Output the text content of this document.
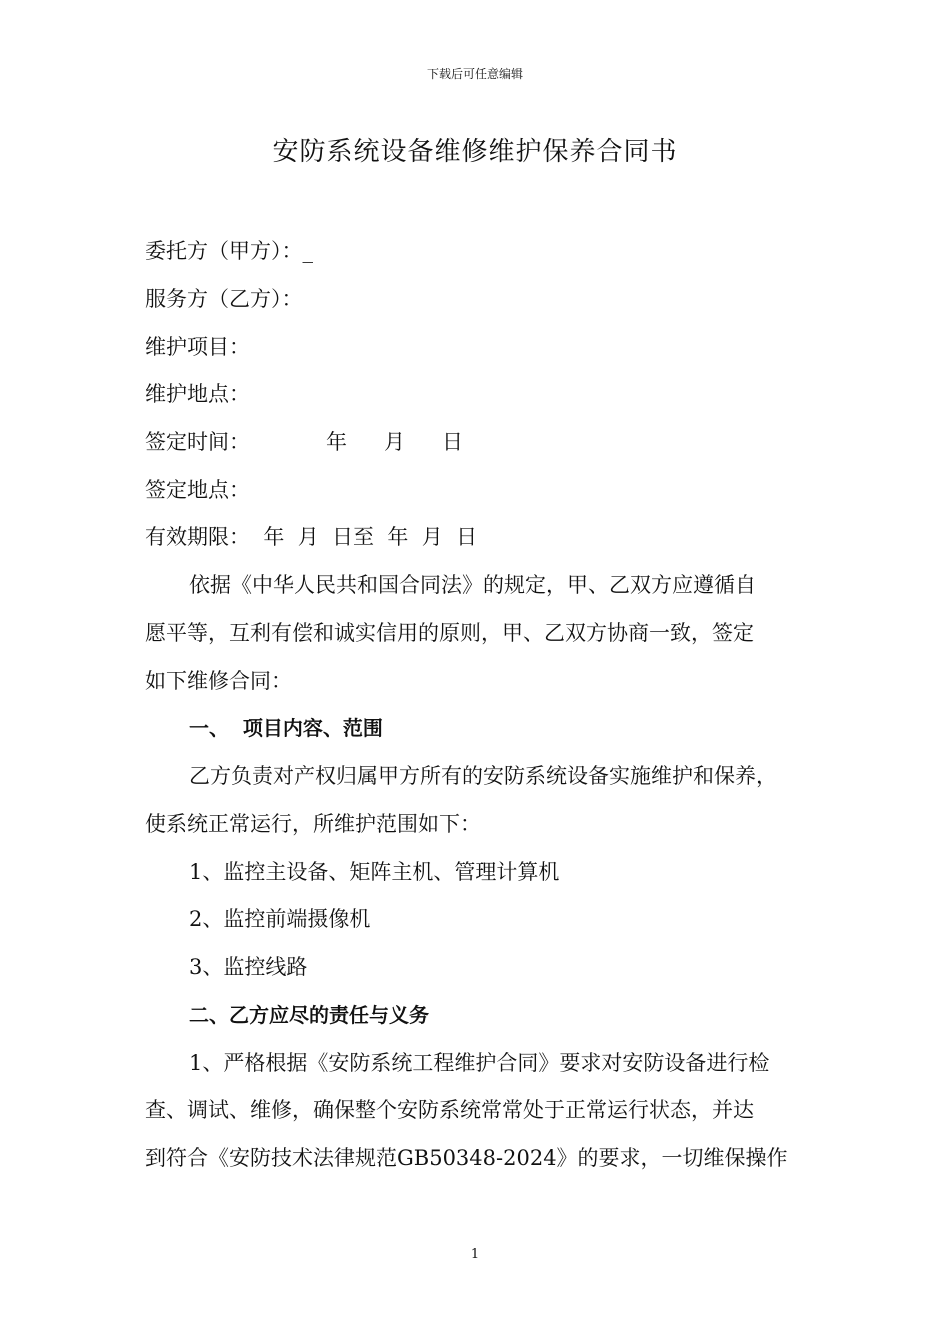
下载后可任意编辑
安防系统设备维修维护保养合同书
委托方（甲方）：_
服务方（乙方）：
维护项目：
维护地点：
签定时间：	年 月 日
签定地点：
有效期限：  年  月  日至  年  月  日
依据《中华人民共和国合同法》的规定，甲、乙双方应遵循自
愿平等，互利有偿和诚实信用的原则，甲、乙双方协商一致，签定
如下维修合同：
一、  项目内容、范围
乙方负责对产权归属甲方所有的安防系统设备实施维护和保养，
使系统正常运行，所维护范围如下：
1、监控主设备、矩阵主机、管理计算机
2、监控前端摄像机
3、监控线路
二、乙方应尽的责任与义务
1、严格根据《安防系统工程维护合同》要求对安防设备进行检
查、调试、维修，确保整个安防系统常常处于正常运行状态，并达
到符合《安防技术法律规范GB50348-2024》的要求，一切维保操作
1
